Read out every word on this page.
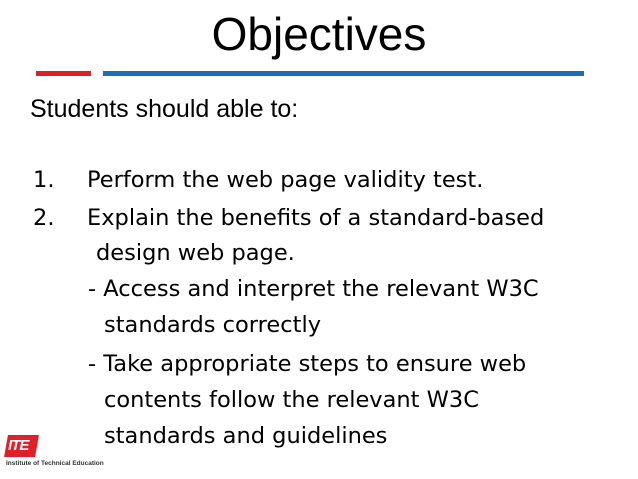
Objectives
Students should able to:
1. Perform the web page validity test.
2. Explain the benefits of a standard-based
design web page.
- Access and interpret the relevant W3C
standards correctly
- Take appropriate steps to ensure web
contents follow the relevant W3C
standards and guidelines
ITE
Institute of Technical Education
